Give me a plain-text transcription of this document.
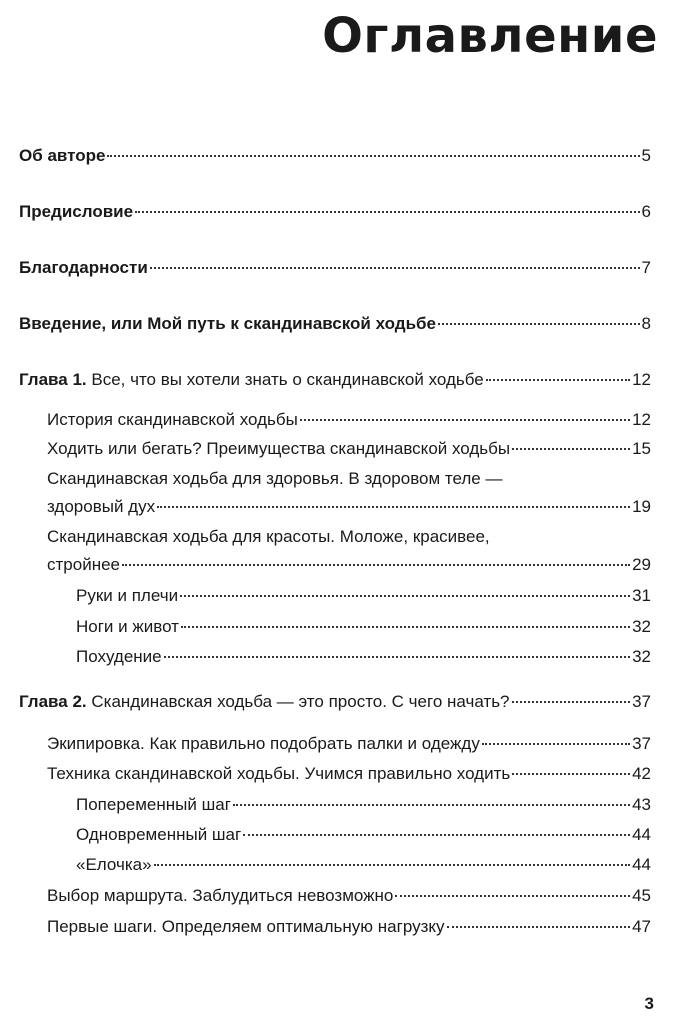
Оглавление
Об авторе	5
Предисловие	6
Благодарности	7
Введение, или Мой путь к скандинавской ходьбе	8
Глава 1. Все, что вы хотели знать о скандинавской ходьбе	12
История скандинавской ходьбы	12
Ходить или бегать? Преимущества скандинавской ходьбы	15
Скандинавская ходьба для здоровья. В здоровом теле —
здоровый дух	19
Скандинавская ходьба для красоты. Моложе, красивее,
стройнее	29
Руки и плечи	31
Ноги и живот	32
Похудение	32
Глава 2. Скандинавская ходьба — это просто. С чего начать?	37
Экипировка. Как правильно подобрать палки и одежду	37
Техника скандинавской ходьбы. Учимся правильно ходить	42
Попеременный шаг	43
Одновременный шаг	44
«Елочка»	44
Выбор маршрута. Заблудиться невозможно	45
Первые шаги. Определяем оптимальную нагрузку	47
3
